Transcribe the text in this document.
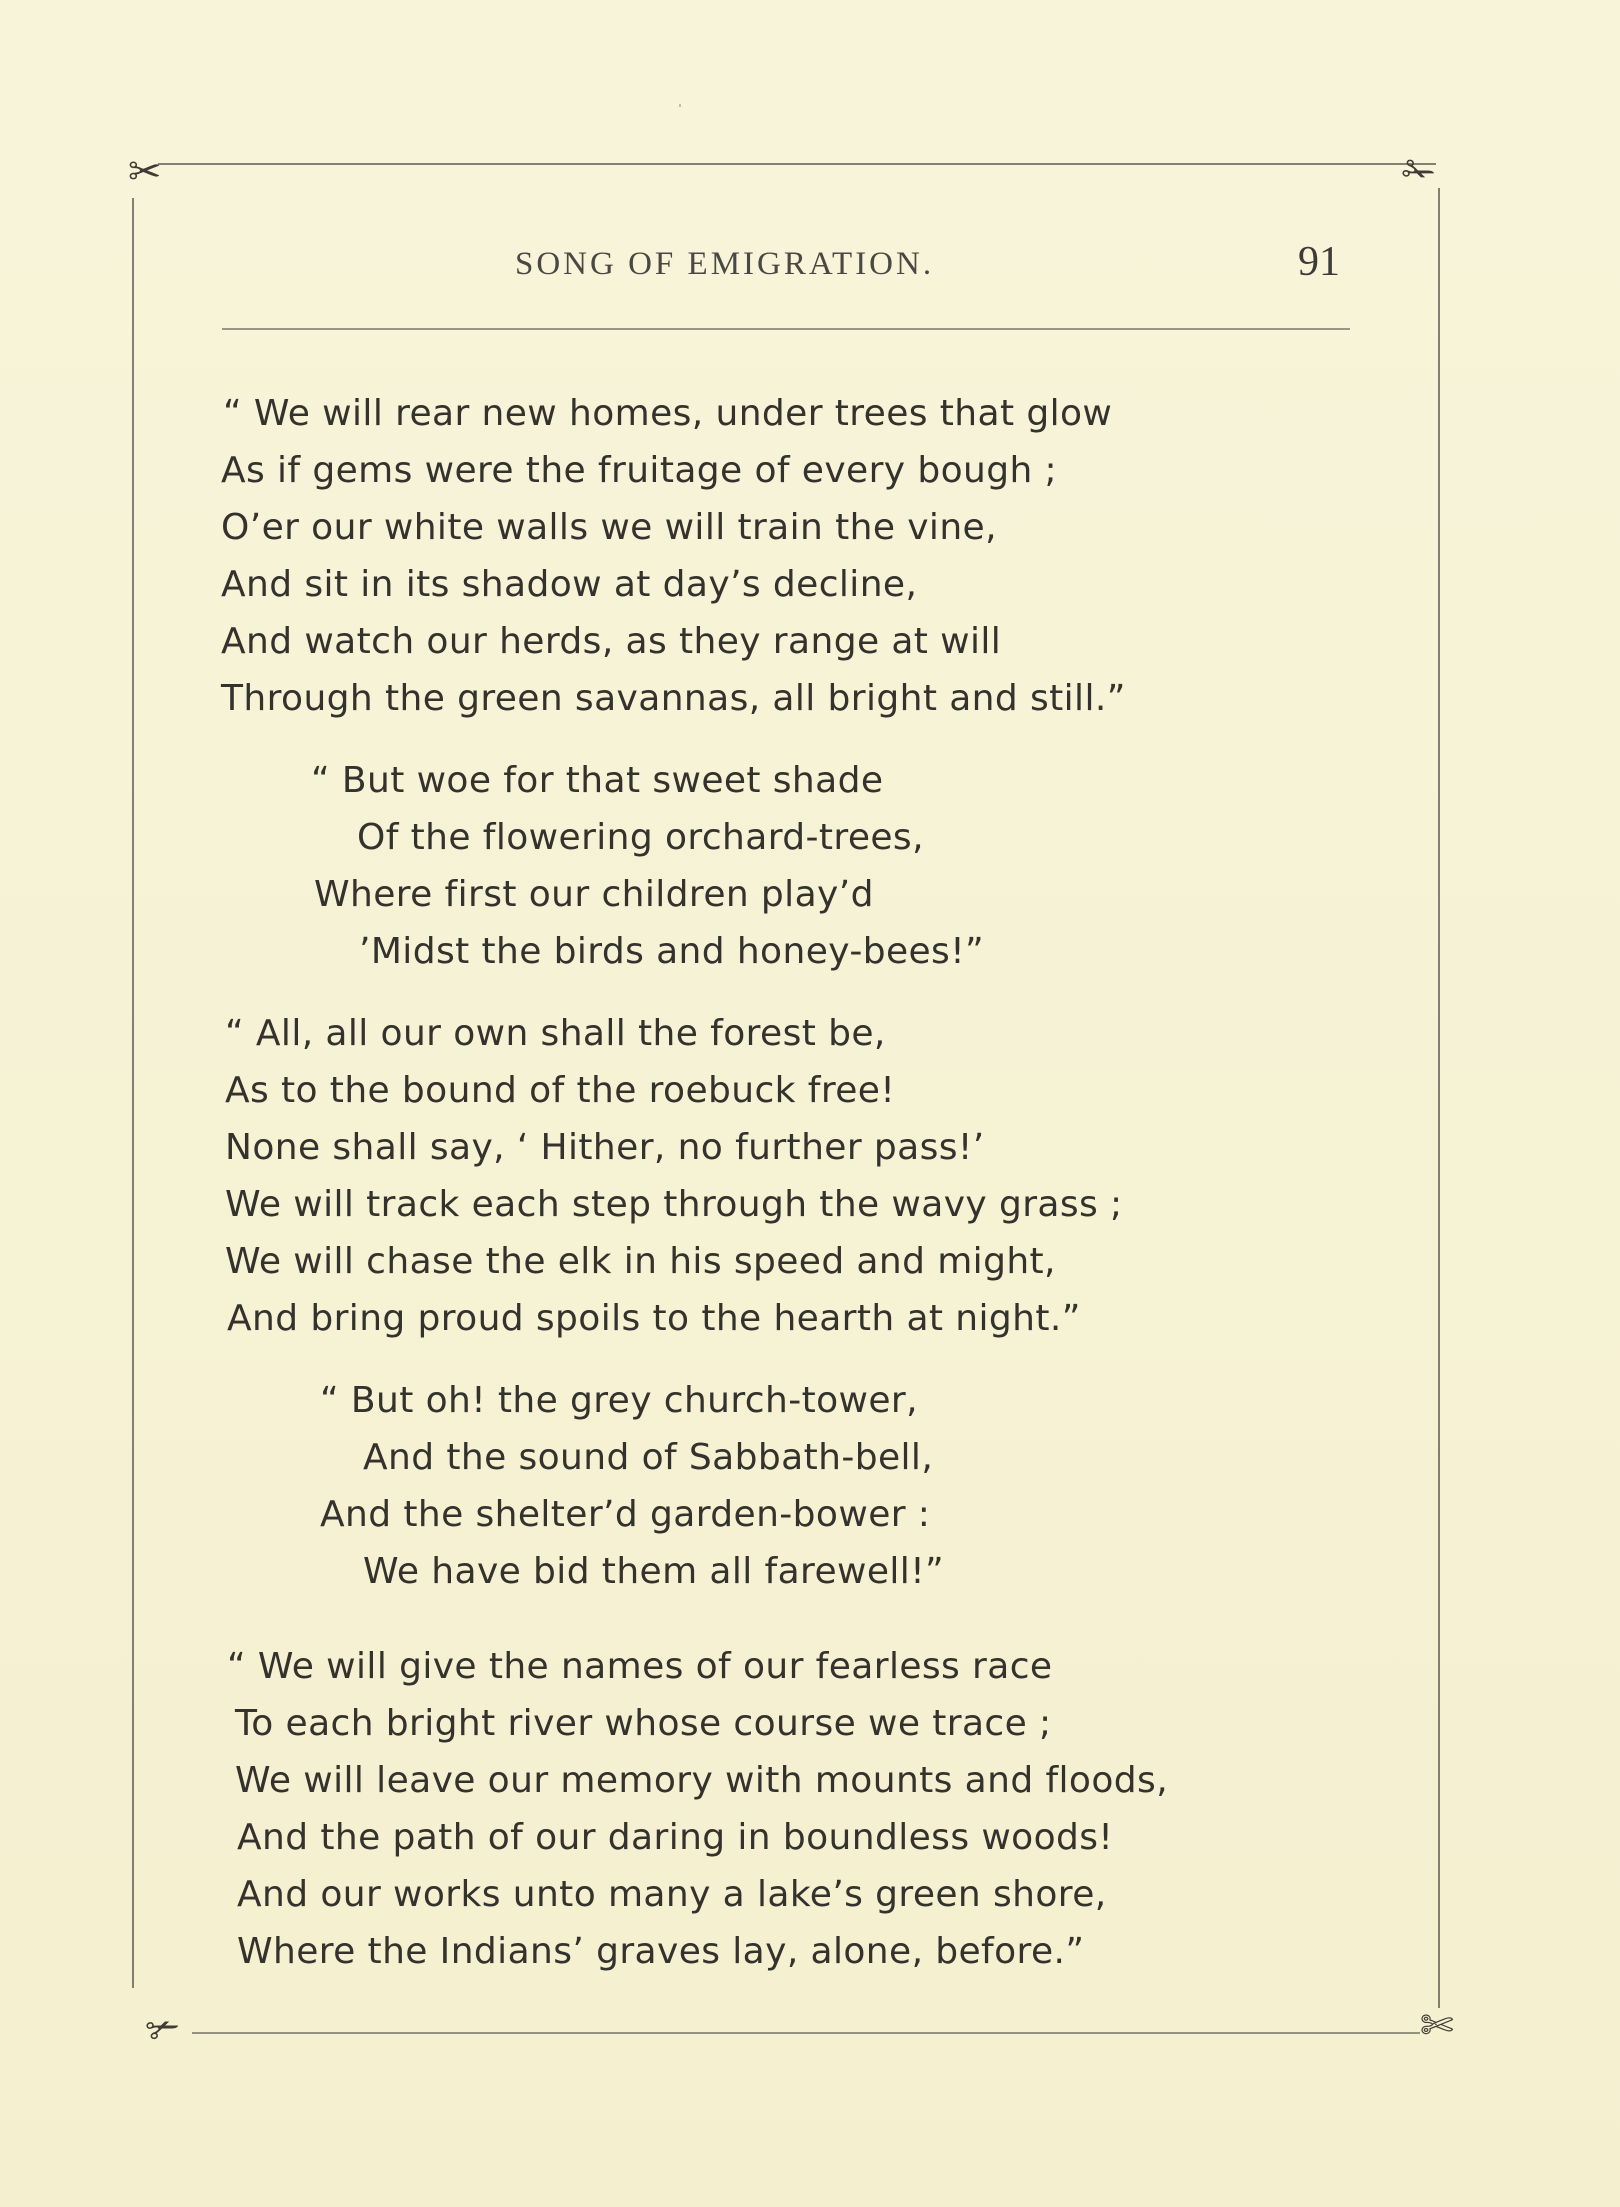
✂	✁
✃	✄
SONG OF EMIGRATION.	91
“ We will rear new homes, under trees that glow
As if gems were the fruitage of every bough ;
O’er our white walls we will train the vine,
And sit in its shadow at day’s decline,
And watch our herds, as they range at will
Through the green savannas, all bright and still.”
“ But woe for that sweet shade
Of the flowering orchard-trees,
Where first our children play’d
’Midst the birds and honey-bees!”
“ All, all our own shall the forest be,
As to the bound of the roebuck free!
None shall say, ‘ Hither, no further pass!’
We will track each step through the wavy grass ;
We will chase the elk in his speed and might,
And bring proud spoils to the hearth at night.”
“ But oh! the grey church-tower,
And the sound of Sabbath-bell,
And the shelter’d garden-bower :
We have bid them all farewell!”
“ We will give the names of our fearless race
To each bright river whose course we trace ;
We will leave our memory with mounts and floods,
And the path of our daring in boundless woods!
And our works unto many a lake’s green shore,
Where the Indians’ graves lay, alone, before.”
